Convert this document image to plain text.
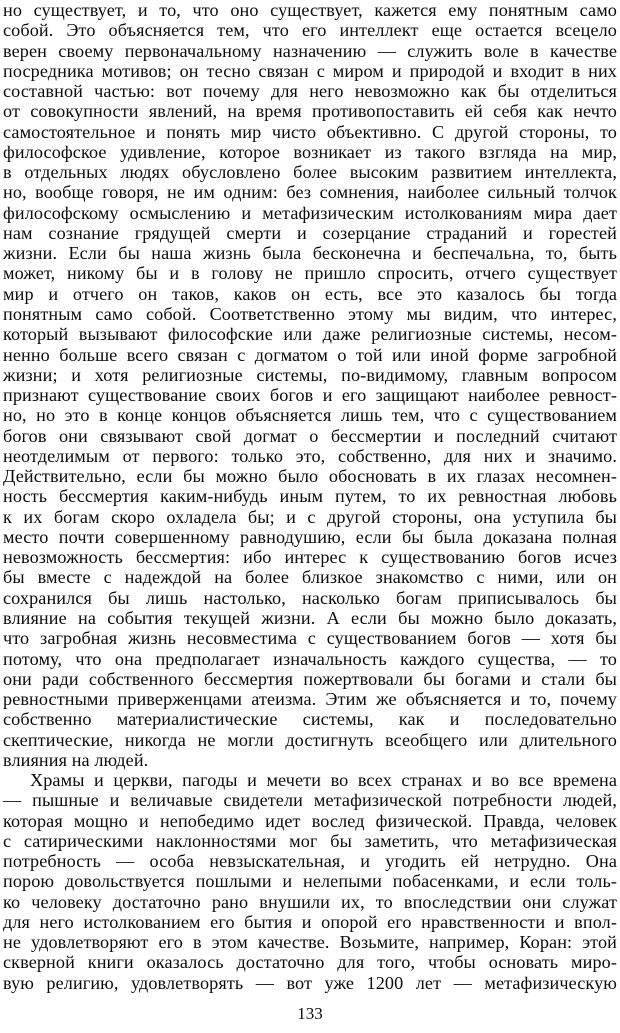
но существует, и то, что оно существует, кажется ему понятным само
собой. Это объясняется тем, что его интеллект еще остается всецело
верен своему первоначальному назначению — служить воле в качестве
посредника мотивов; он тесно связан с миром и природой и входит в них
составной частью: вот почему для него невозможно как бы отделиться
от совокупности явлений, на время противопоставить ей себя как нечто
самостоятельное и понять мир чисто объективно. С другой стороны, то
философское удивление, которое возникает из такого взгляда на мир,
в отдельных людях обусловлено более высоким развитием интеллекта,
но, вообще говоря, не им одним: без сомнения, наиболее сильный толчок
философскому осмыслению и метафизическим истолкованиям мира дает
нам сознание грядущей смерти и созерцание страданий и горестей
жизни. Если бы наша жизнь была бесконечна и беспечальна, то, быть
может, никому бы и в голову не пришло спросить, отчего существует
мир и отчего он таков, каков он есть, все это казалось бы тогда
понятным само собой. Соответственно этому мы видим, что интерес,
который вызывают философские или даже религиозные системы, несом-
ненно больше всего связан с догматом о той или иной форме загробной
жизни; и хотя религиозные системы, по-видимому, главным вопросом
признают существование своих богов и его защищают наиболее ревност-
но, но это в конце концов объясняется лишь тем, что с существованием
богов они связывают свой догмат о бессмертии и последний считают
неотделимым от первого: только это, собственно, для них и значимо.
Действительно, если бы можно было обосновать в их глазах несомнен-
ность бессмертия каким-нибудь иным путем, то их ревностная любовь
к их богам скоро охладела бы; и с другой стороны, она уступила бы
место почти совершенному равнодушию, если бы была доказана полная
невозможность бессмертия: ибо интерес к существованию богов исчез
бы вместе с надеждой на более близкое знакомство с ними, или он
сохранился бы лишь настолько, насколько богам приписывалось бы
влияние на события текущей жизни. А если бы можно было доказать,
что загробная жизнь несовместима с существованием богов — хотя бы
потому, что она предполагает изначальность каждого существа, — то
они ради собственного бессмертия пожертвовали бы богами и стали бы
ревностными приверженцами атеизма. Этим же объясняется и то, почему
собственно материалистические системы, как и последовательно
скептические, никогда не могли достигнуть всеобщего или длительного
влияния на людей.
Храмы и церкви, пагоды и мечети во всех странах и во все времена
— пышные и величавые свидетели метафизической потребности людей,
которая мощно и непобедимо идет вослед физической. Правда, человек
с сатирическими наклонностями мог бы заметить, что метафизическая
потребность — особа невзыскательная, и угодить ей нетрудно. Она
порою довольствуется пошлыми и нелепыми побасенками, и если толь-
ко человеку достаточно рано внушили их, то впоследствии они служат
для него истолкованием его бытия и опорой его нравственности и впол-
не удовлетворяют его в этом качестве. Возьмите, например, Коран: этой
скверной книги оказалось достаточно для того, чтобы основать миро-
вую религию, удовлетворять — вот уже 1200 лет — метафизическую
133
